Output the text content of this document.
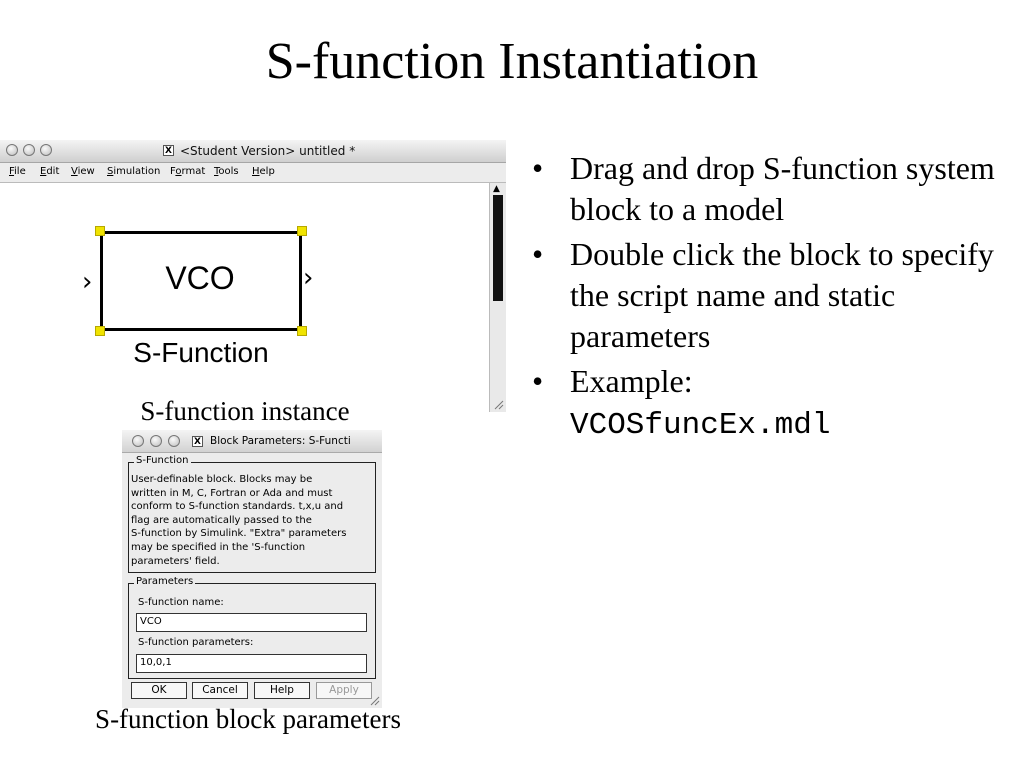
S-function Instantiation
X <Student Version> untitled *
File Edit View Simulation Format Tools Help
VCO
›	›
S-Function
▲
S-function instance
X Block Parameters: S-Functi
S-Function
User-definable block. Blocks may be
written in M, C, Fortran or Ada and must
conform to S-function standards. t,x,u and
flag are automatically passed to the
S-function by Simulink. "Extra" parameters
may be specified in the 'S-function
parameters' field.
Parameters
S-function name:
VCO
S-function parameters:
10,0,1
OK	Cancel	Help	Apply
S-function block parameters
• Drag and drop S-function system block to a model
• Double click the block to specify the script name and static parameters
• Example:
VCOSfuncEx.mdl
